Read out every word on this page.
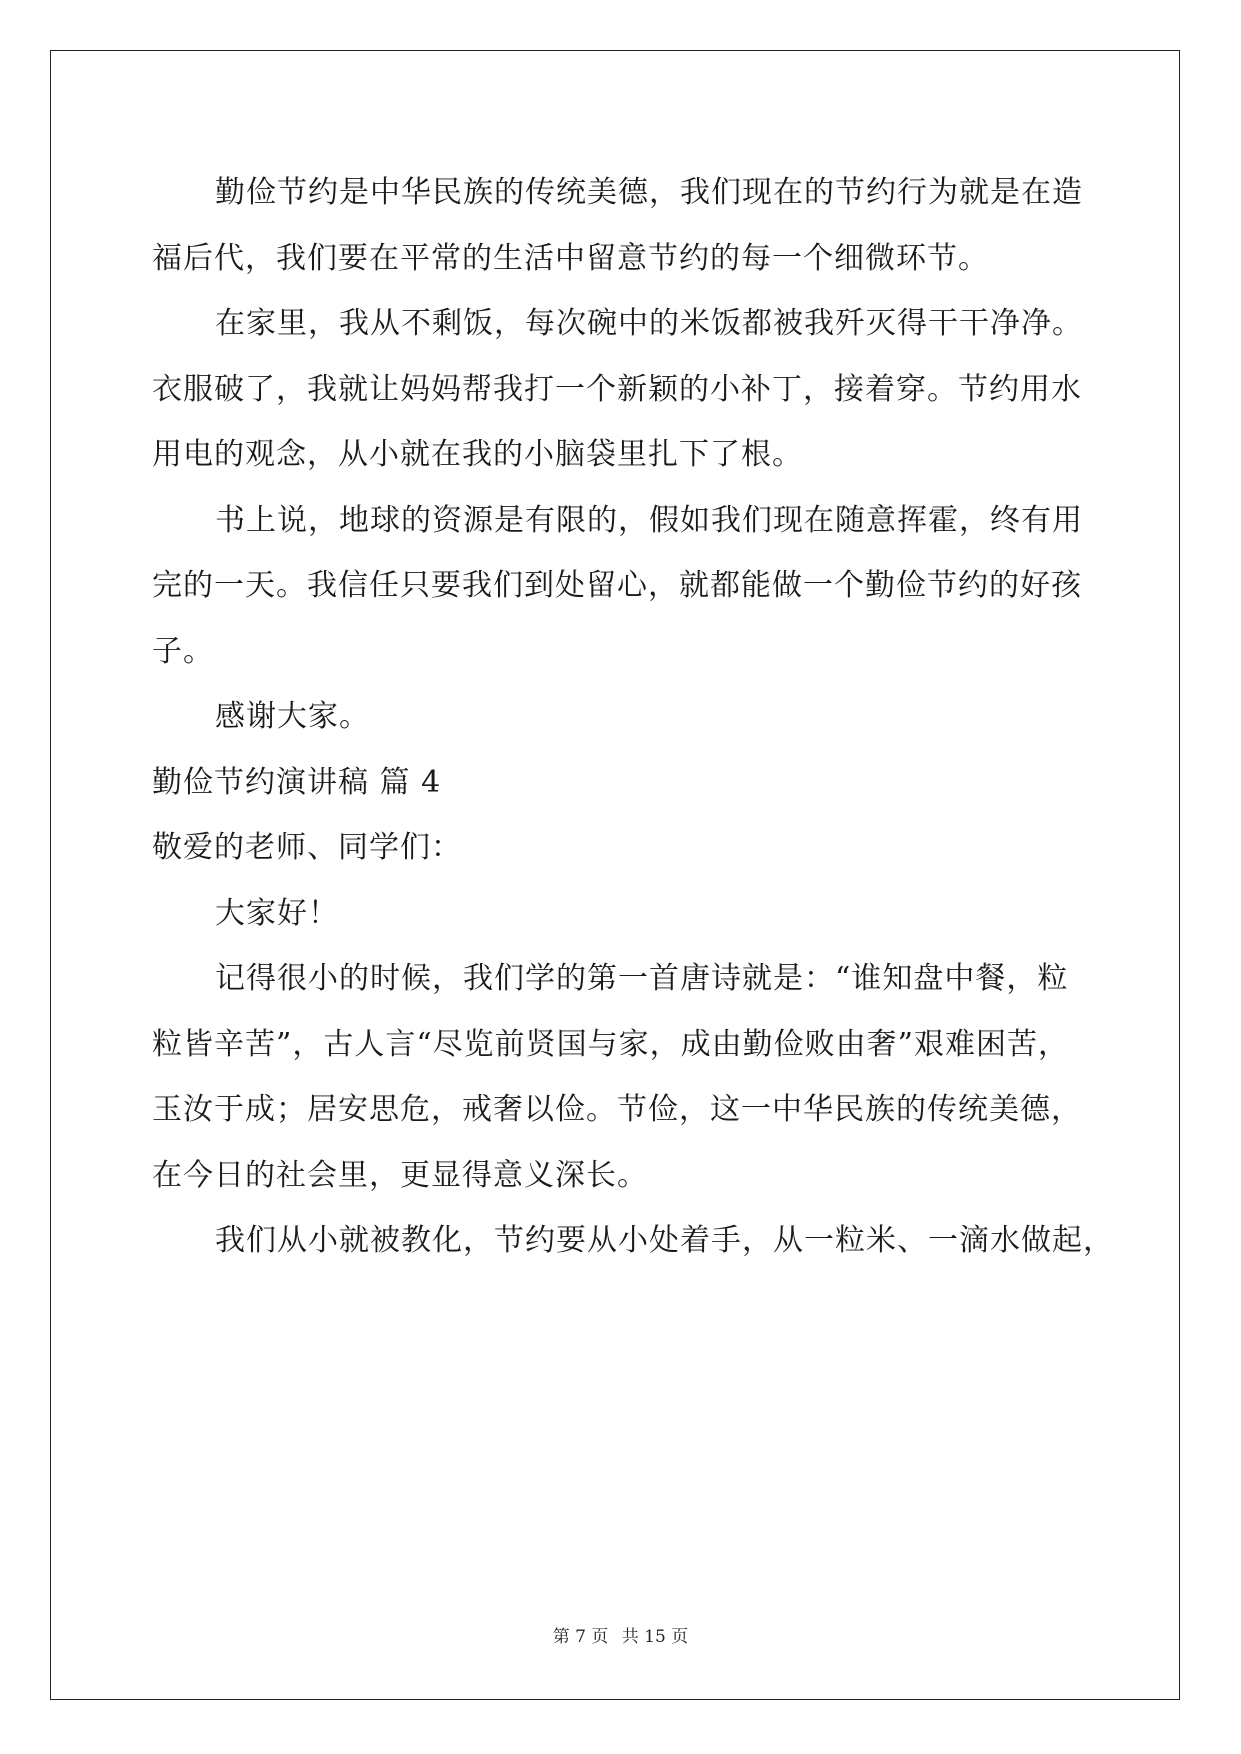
勤俭节约是中华民族的传统美德，我们现在的节约行为就是在造
福后代，我们要在平常的生活中留意节约的每一个细微环节。
在家里，我从不剩饭，每次碗中的米饭都被我歼灭得干干净净。
衣服破了，我就让妈妈帮我打一个新颖的小补丁，接着穿。节约用水
用电的观念，从小就在我的小脑袋里扎下了根。
书上说，地球的资源是有限的，假如我们现在随意挥霍，终有用
完的一天。我信任只要我们到处留心，就都能做一个勤俭节约的好孩
子。
感谢大家。
勤俭节约演讲稿 篇 4
敬爱的老师、同学们：
大家好！
记得很小的时候，我们学的第一首唐诗就是：“谁知盘中餐，粒
粒皆辛苦”，古人言“尽览前贤国与家，成由勤俭败由奢”艰难困苦，
玉汝于成；居安思危，戒奢以俭。节俭，这一中华民族的传统美德，
在今日的社会里，更显得意义深长。
我们从小就被教化，节约要从小处着手，从一粒米、一滴水做起，
第 7 页 共 15 页
